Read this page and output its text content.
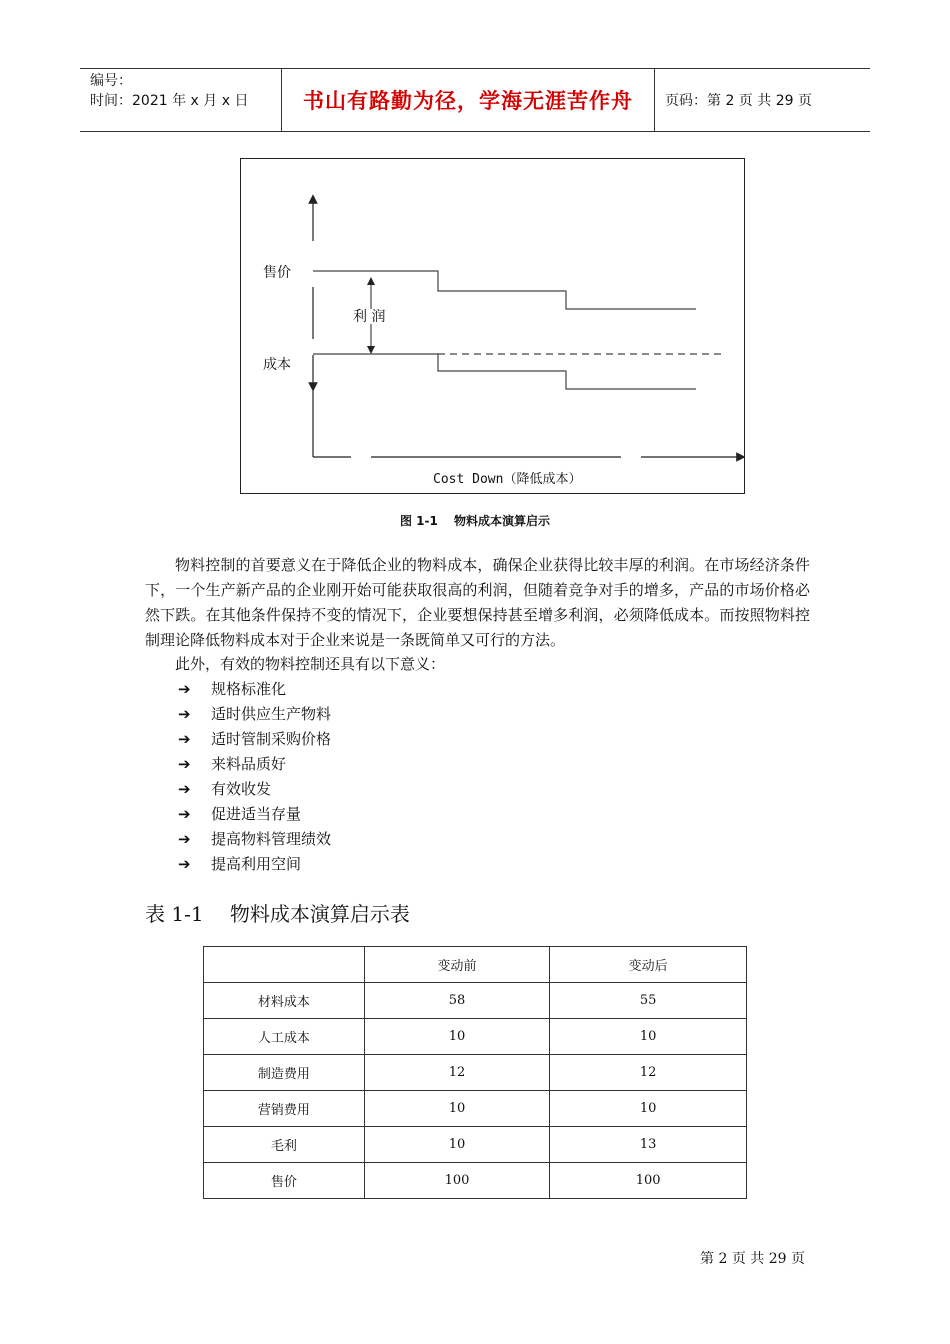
编号：
时间：2021 年 x 月 x 日	书山有路勤为径，学海无涯苦作舟	页码：第 2 页 共 29 页
售价
利 润
成本
Cost Down（降低成本）
图 1-1　 物料成本演算启示

物料控制的首要意义在于降低企业的物料成本，确保企业获得比较丰厚的利润。在市场经济条件下，一个生产新产品的企业刚开始可能获取很高的利润，但随着竞争对手的增多，产品的市场价格必然下跌。在其他条件保持不变的情况下，企业要想保持甚至增多利润，必须降低成本。而按照物料控制理论降低物料成本对于企业来说是一条既简单又可行的方法。

此外，有效的物料控制还具有以下意义：

➔	规格标准化
➔	适时供应生产物料
➔	适时管制采购价格
➔	来料品质好
➔	有效收发
➔	促进适当存量
➔	提高物料管理绩效
➔	提高利用空间

表 1-1　 物料成本演算启示表

	变动前	变动后
材料成本	58	55
人工成本	10	10
制造费用	12	12
营销费用	10	10
毛利	10	13
售价	100	100
第 2 页 共 29 页
